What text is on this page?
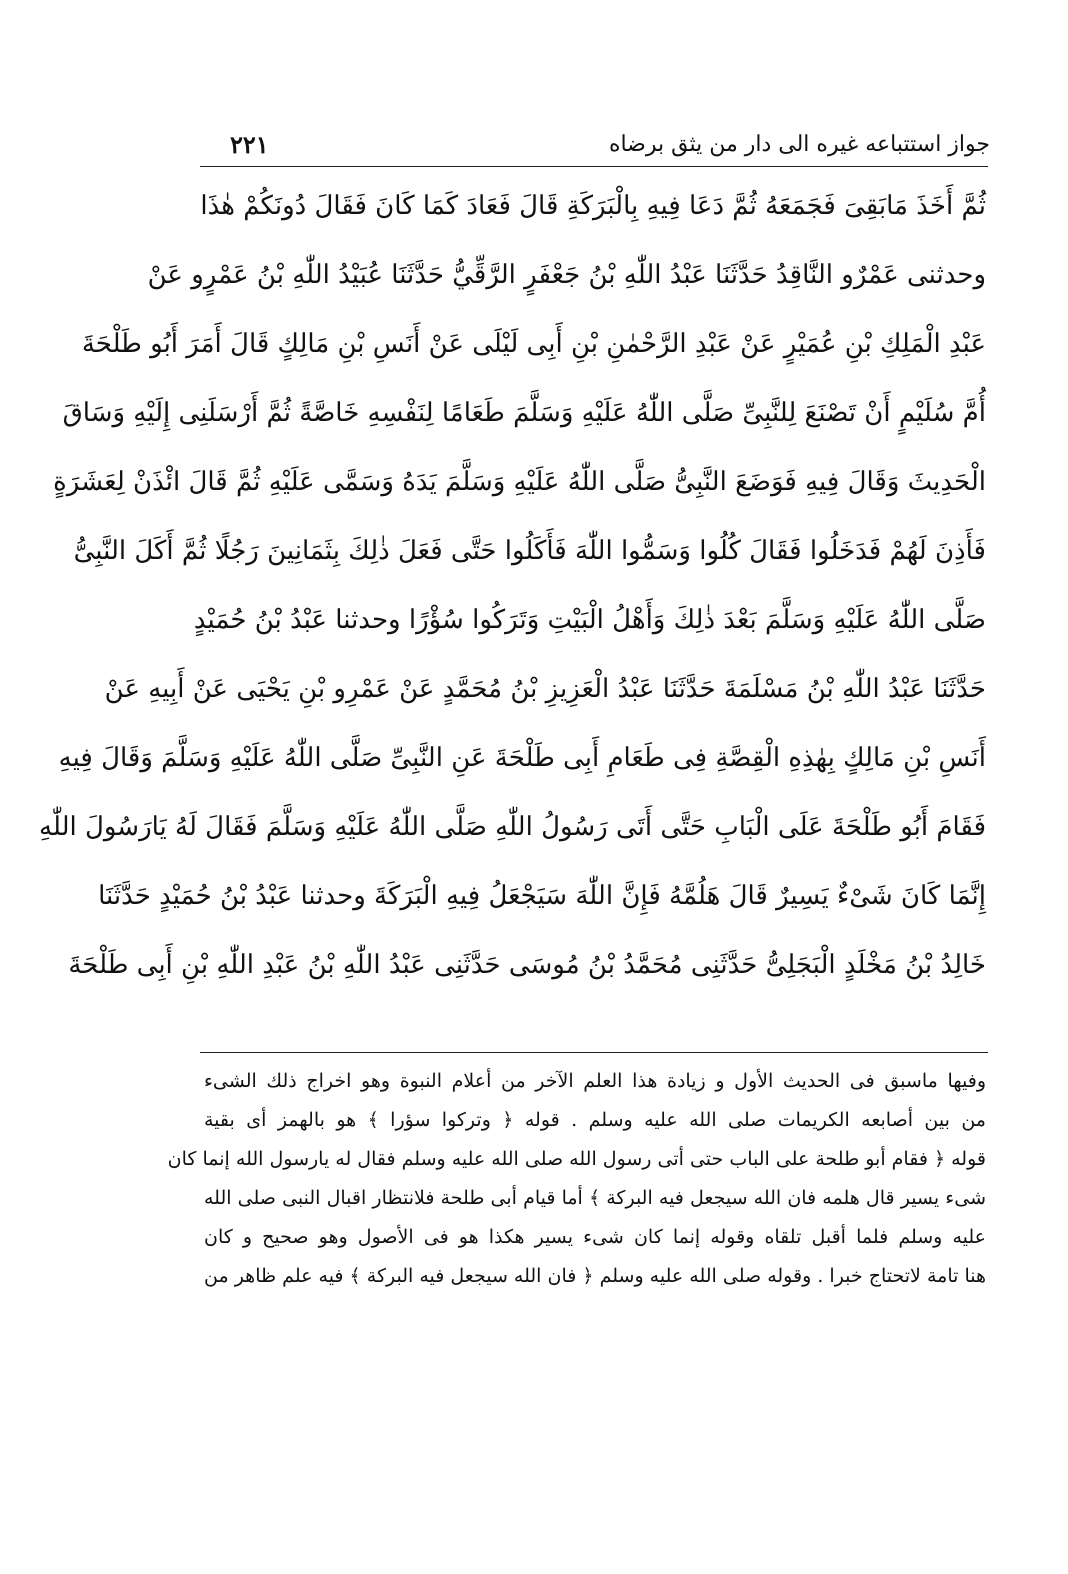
جواز استتباعه غيره الى دار من يثق برضاه
٢٢١
ثُمَّ أَخَذَ مَابَقِىَ فَجَمَعَهُ ثُمَّ دَعَا فِيهِ بِالْبَرَكَةِ قَالَ فَعَادَ كَمَا كَانَ فَقَالَ دُونَكُمْ هٰذَا
وحدثنى عَمْرٌو النَّاقِدُ حَدَّثَنَا عَبْدُ اللّٰهِ بْنُ جَعْفَرٍ الرَّقِّيُّ حَدَّثَنَا عُبَيْدُ اللّٰهِ بْنُ عَمْرٍو عَنْ
عَبْدِ الْمَلِكِ بْنِ عُمَيْرٍ عَنْ عَبْدِ الرَّحْمٰنِ بْنِ أَبِى لَيْلَى عَنْ أَنَسِ بْنِ مَالِكٍ قَالَ أَمَرَ أَبُو طَلْحَةَ
أُمَّ سُلَيْمٍ أَنْ تَصْنَعَ لِلنَّبِىِّ صَلَّى اللّٰهُ عَلَيْهِ وَسَلَّمَ طَعَامًا لِنَفْسِهِ خَاصَّةً ثُمَّ أَرْسَلَنِى إِلَيْهِ وَسَاقَ
الْحَدِيثَ وَقَالَ فِيهِ فَوَضَعَ النَّبِىُّ صَلَّى اللّٰهُ عَلَيْهِ وَسَلَّمَ يَدَهُ وَسَمَّى عَلَيْهِ ثُمَّ قَالَ ائْذَنْ لِعَشَرَةٍ
فَأَذِنَ لَهُمْ فَدَخَلُوا فَقَالَ كُلُوا وَسَمُّوا اللّٰهَ فَأَكَلُوا حَتَّى فَعَلَ ذٰلِكَ بِثَمَانِينَ رَجُلًا ثُمَّ أَكَلَ النَّبِىُّ
صَلَّى اللّٰهُ عَلَيْهِ وَسَلَّمَ بَعْدَ ذٰلِكَ وَأَهْلُ الْبَيْتِ وَتَرَكُوا سُؤْرًا وحدثنا عَبْدُ بْنُ حُمَيْدٍ
حَدَّثَنَا عَبْدُ اللّٰهِ بْنُ مَسْلَمَةَ حَدَّثَنَا عَبْدُ الْعَزِيزِ بْنُ مُحَمَّدٍ عَنْ عَمْرِو بْنِ يَحْيَى عَنْ أَبِيهِ عَنْ
أَنَسِ بْنِ مَالِكٍ بِهٰذِهِ الْقِصَّةِ فِى طَعَامِ أَبِى طَلْحَةَ عَنِ النَّبِىِّ صَلَّى اللّٰهُ عَلَيْهِ وَسَلَّمَ وَقَالَ فِيهِ
فَقَامَ أَبُو طَلْحَةَ عَلَى الْبَابِ حَتَّى أَتَى رَسُولُ اللّٰهِ صَلَّى اللّٰهُ عَلَيْهِ وَسَلَّمَ فَقَالَ لَهُ يَارَسُولَ اللّٰهِ
إِنَّمَا كَانَ شَىْءٌ يَسِيرٌ قَالَ هَلُمَّهُ فَإِنَّ اللّٰهَ سَيَجْعَلُ فِيهِ الْبَرَكَةَ وحدثنا عَبْدُ بْنُ حُمَيْدٍ حَدَّثَنَا
خَالِدُ بْنُ مَخْلَدٍ الْبَجَلِىُّ حَدَّثَنِى مُحَمَّدُ بْنُ مُوسَى حَدَّثَنِى عَبْدُ اللّٰهِ بْنُ عَبْدِ اللّٰهِ بْنِ أَبِى طَلْحَةَ
وفيها ماسبق فى الحديث الأول و زيادة هذا العلم الآخر من أعلام النبوة وهو اخراج ذلك الشىء
من بين أصابعه الكريمات صلى الله عليه وسلم . قوله ﴿ وتركوا سؤرا ﴾ هو بالهمز أى بقية
قوله ﴿ فقام أبو طلحة على الباب حتى أتى رسول الله صلى الله عليه وسلم فقال له يارسول الله إنما كان
شىء يسير قال هلمه فان الله سيجعل فيه البركة ﴾ أما قيام أبى طلحة فلانتظار اقبال النبى صلى الله
عليه وسلم فلما أقبل تلقاه وقوله إنما كان شىء يسير هكذا هو فى الأصول وهو صحيح و كان
هنا تامة لاتحتاج خبرا . وقوله صلى الله عليه وسلم ﴿ فان الله سيجعل فيه البركة ﴾ فيه علم ظاهر من
